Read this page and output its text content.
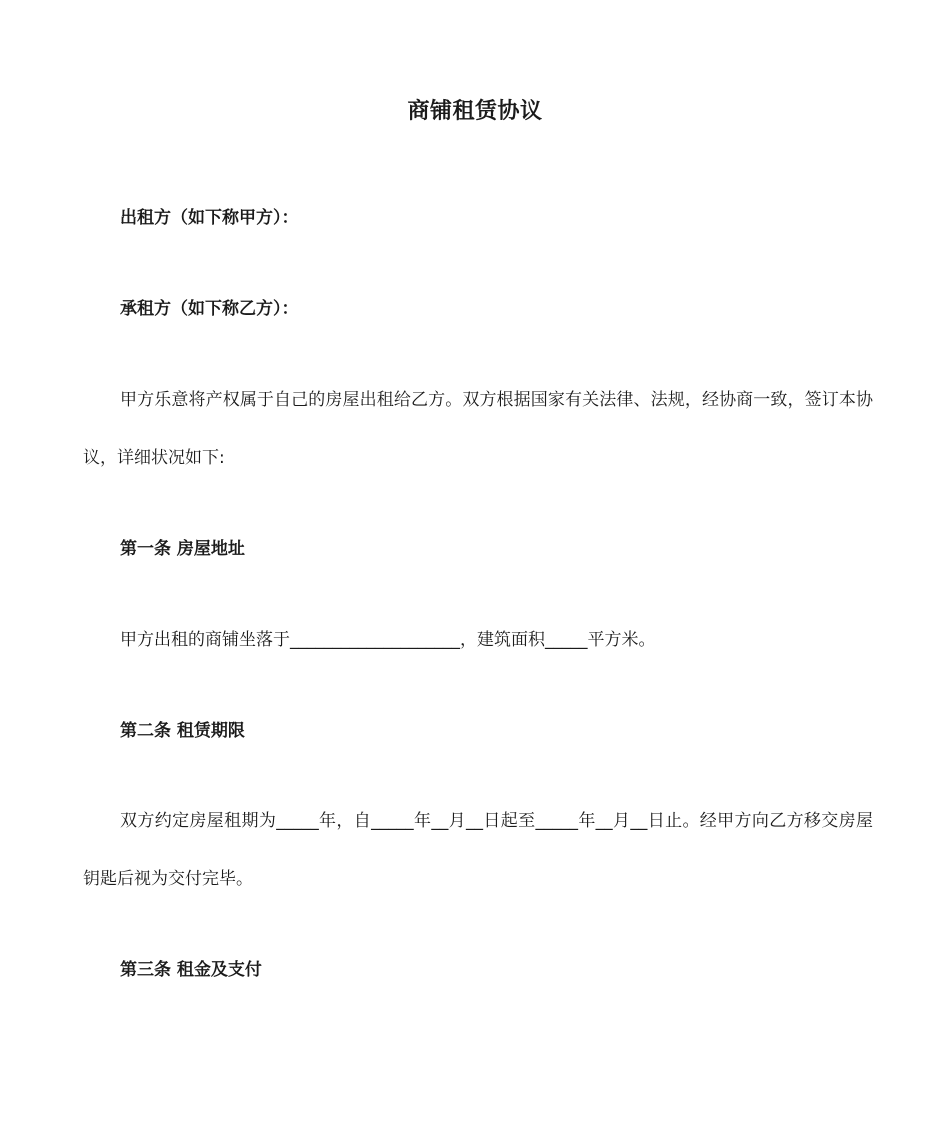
商铺租赁协议
出租方（如下称甲方）：
承租方（如下称乙方）：

甲方乐意将产权属于自己的房屋出租给乙方。双方根据国家有关法律、法规，经协商一致，签订本协议，详细状况如下:

第一条 房屋地址
甲方出租的商铺坐落于____________________，建筑面积_____平方米。
第二条 租赁期限

双方约定房屋租期为_____年，自_____年__月__日起至_____年__月__日止。经甲方向乙方移交房屋钥匙后视为交付完毕。

第三条 租金及支付
